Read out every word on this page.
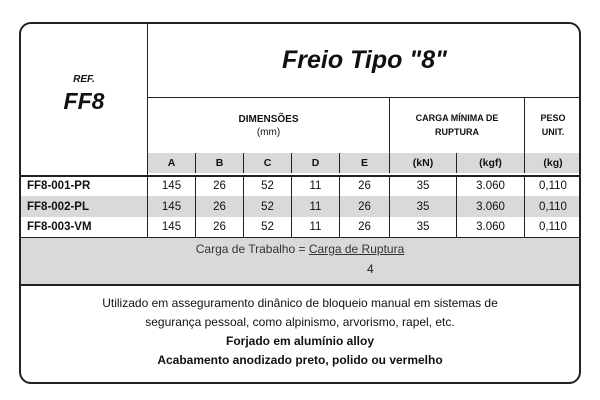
REF.
FF8
Freio Tipo "8"
DIMENSÕES
(mm)
CARGA MÍNIMA DE
RUPTURA
PESO
UNIT.
A	B	C	D	E	(kN)	(kgf)	(kg)
FF8-001-PR	145	26	52	11	26	35	3.060	0,110
FF8-002-PL	145	26	52	11	26	35	3.060	0,110
FF8-003-VM	145	26	52	11	26	35	3.060	0,110
Carga de Trabalho = Carga de Ruptura
4
Utilizado em asseguramento dinânico de bloqueio manual em sistemas de
segurança pessoal, como alpinismo, arvorismo, rapel, etc.
Forjado em alumínio alloy
Acabamento anodizado preto, polido ou vermelho
